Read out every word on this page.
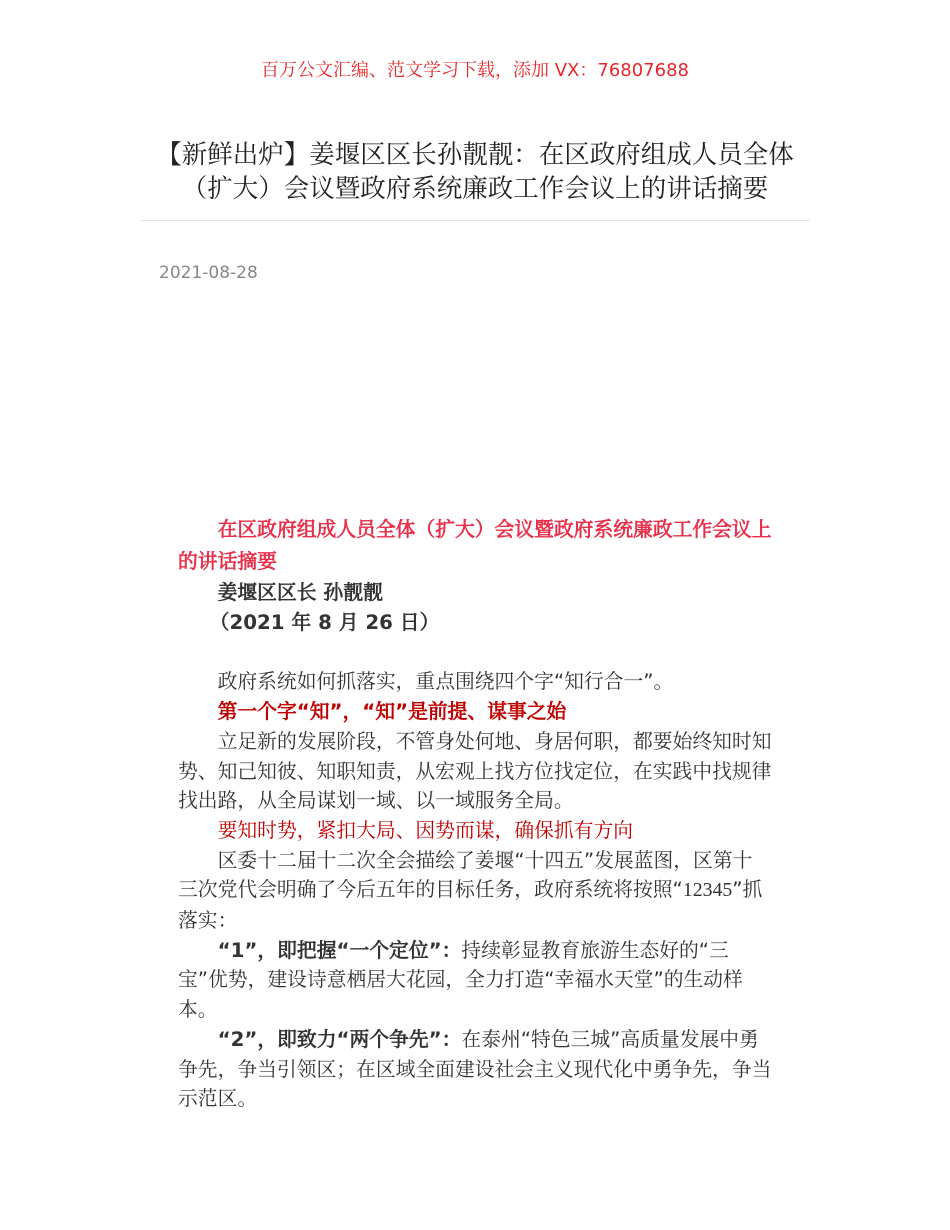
百万公文汇编、范文学习下载，添加 VX：76807688
【新鲜出炉】姜堰区区长孙靓靓：在区政府组成人员全体（扩大）会议暨政府系统廉政工作会议上的讲话摘要
2021-08-28

在区政府组成人员全体（扩大）会议暨政府系统廉政工作会议上的讲话摘要

姜堰区区长 孙靓靓

（2021 年 8 月 26 日）

政府系统如何抓落实，重点围绕四个字“知行合一”。

第一个字“知”，“知”是前提、谋事之始

立足新的发展阶段，不管身处何地、身居何职，都要始终知时知势、知己知彼、知职知责，从宏观上找方位找定位，在实践中找规律找出路，从全局谋划一域、以一域服务全局。

要知时势，紧扣大局、因势而谋，确保抓有方向

区委十二届十二次全会描绘了姜堰“十四五”发展蓝图，区第十三次党代会明确了今后五年的目标任务，政府系统将按照“12345”抓落实：

“1”，即把握“一个定位”：持续彰显教育旅游生态好的“三宝”优势，建设诗意栖居大花园，全力打造“幸福水天堂”的生动样本。

“2”，即致力“两个争先”：在泰州“特色三城”高质量发展中勇争先，争当引领区；在区域全面建设社会主义现代化中勇争先，争当示范区。
